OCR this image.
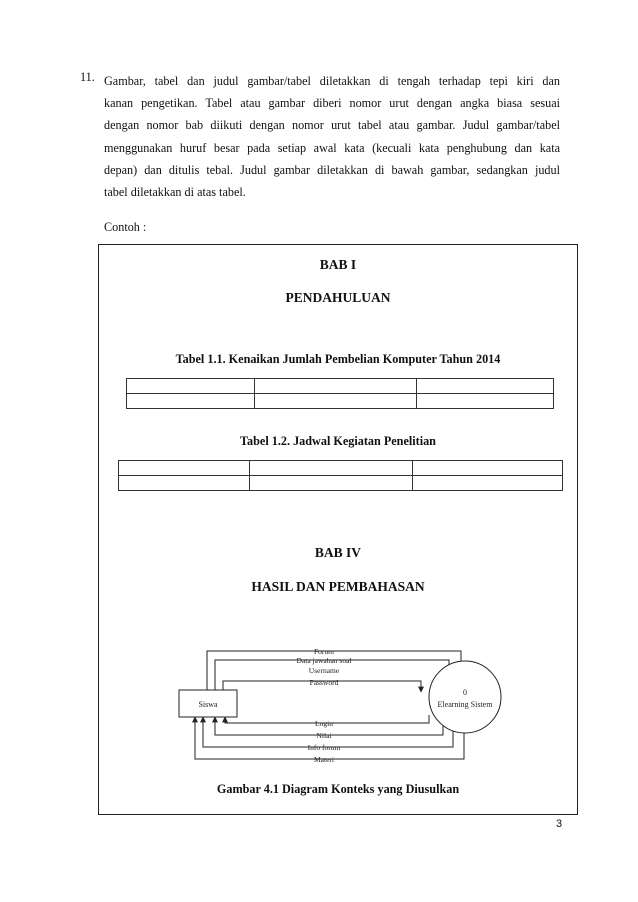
11. Gambar, tabel dan judul gambar/tabel diletakkan di tengah terhadap tepi kiri dan
kanan pengetikan. Tabel atau gambar diberi nomor urut dengan angka biasa sesuai
dengan nomor bab diikuti dengan nomor urut tabel atau gambar. Judul gambar/tabel
menggunakan huruf besar pada setiap awal kata (kecuali kata penghubung dan kata
depan) dan ditulis tebal. Judul gambar diletakkan di bawah gambar, sedangkan judul
tabel diletakkan di atas tabel.
Contoh :
BAB I
PENDAHULUAN
Tabel 1.1. Kenaikan Jumlah Pembelian Komputer Tahun 2014

Tabel 1.2. Jadwal Kegiatan Penelitian

BAB IV
HASIL DAN PEMBAHASAN
Forum
Data jawaban soal
Username
Password
Login
Nilai
Info forum
Materi
Siswa
0
Elearning Sistem
Gambar 4.1 Diagram Konteks yang Diusulkan
3
